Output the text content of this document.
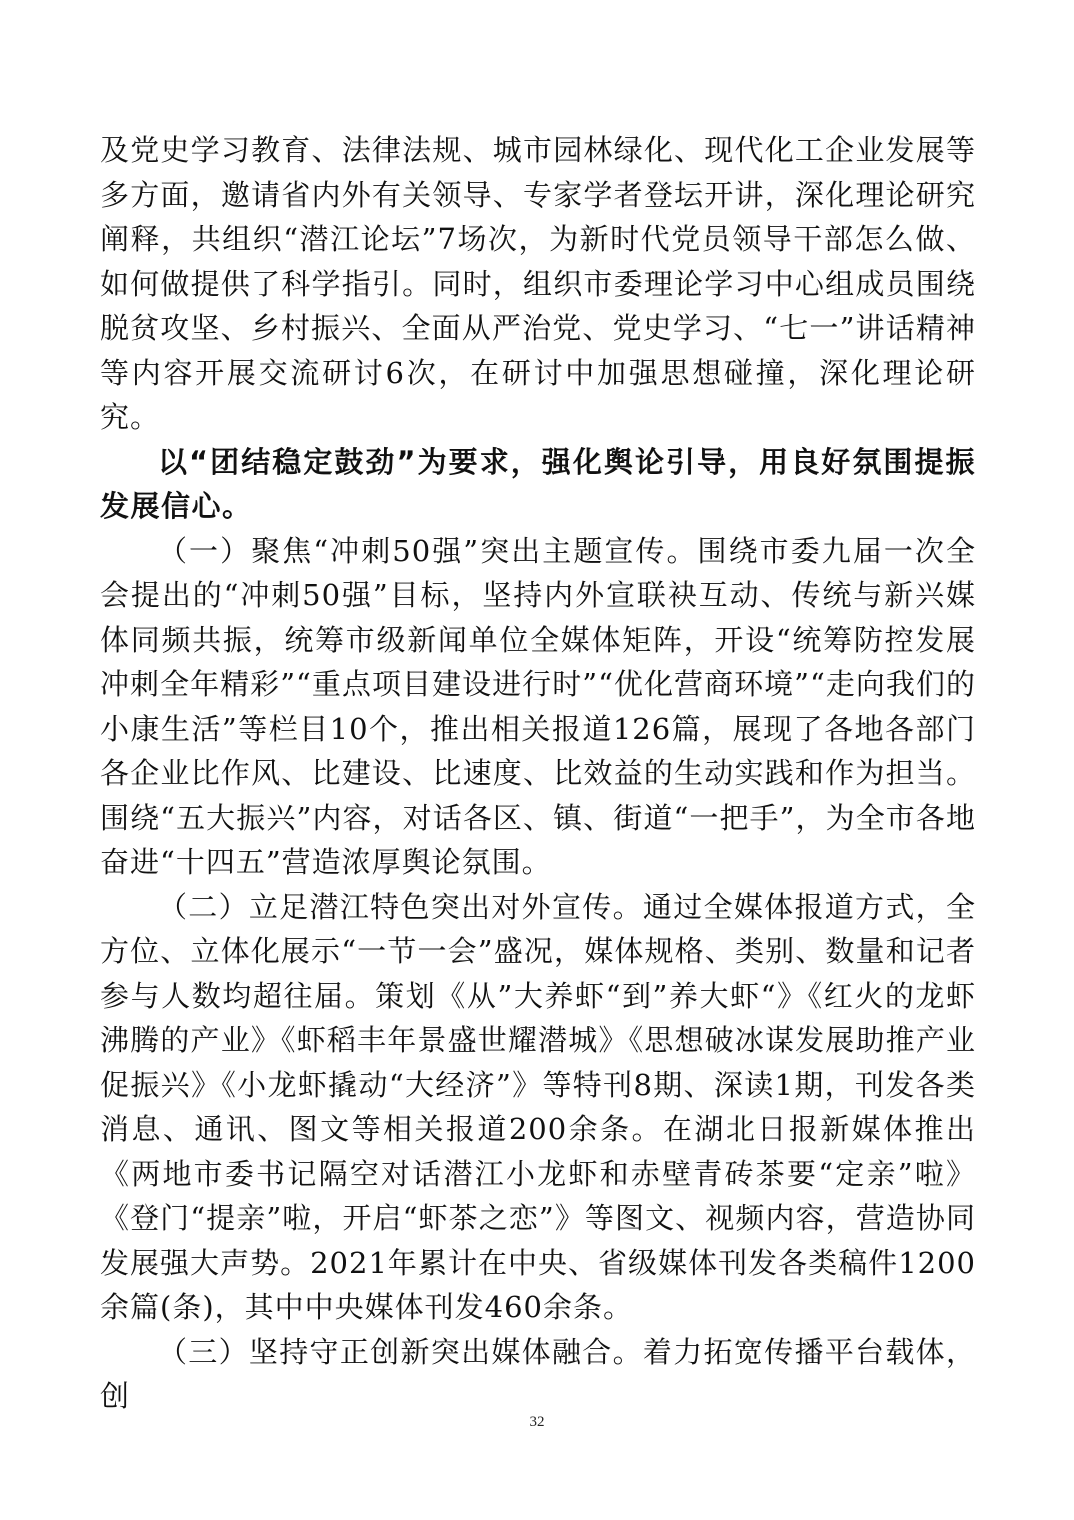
及党史学习教育、法律法规、城市园林绿化、现代化工企业发展等多方面，邀请省内外有关领导、专家学者登坛开讲，深化理论研究阐释，共组织“潜江论坛”7场次，为新时代党员领导干部怎么做、如何做提供了科学指引。同时，组织市委理论学习中心组成员围绕脱贫攻坚、乡村振兴、全面从严治党、党史学习、“七一”讲话精神等内容开展交流研讨6次，在研讨中加强思想碰撞，深化理论研究。

以“团结稳定鼓劲”为要求，强化舆论引导，用良好氛围提振发展信心。

（一）聚焦“冲刺50强”突出主题宣传。围绕市委九届一次全会提出的“冲刺50强”目标，坚持内外宣联袂互动、传统与新兴媒体同频共振，统筹市级新闻单位全媒体矩阵，开设“统筹防控发展冲刺全年精彩”“重点项目建设进行时”“优化营商环境”“走向我们的小康生活”等栏目10个，推出相关报道126篇，展现了各地各部门各企业比作风、比建设、比速度、比效益的生动实践和作为担当。围绕“五大振兴”内容，对话各区、镇、街道“一把手”，为全市各地奋进“十四五”营造浓厚舆论氛围。

（二）立足潜江特色突出对外宣传。通过全媒体报道方式，全方位、立体化展示“一节一会”盛况，媒体规格、类别、数量和记者参与人数均超往届。策划《从”大养虾“到”养大虾“》《红火的龙虾沸腾的产业》《虾稻丰年景盛世耀潜城》《思想破冰谋发展助推产业促振兴》《小龙虾撬动“大经济”》等特刊8期、深读1期，刊发各类消息、通讯、图文等相关报道200余条。在湖北日报新媒体推出《两地市委书记隔空对话潜江小龙虾和赤壁青砖茶要“定亲”啦》《登门“提亲”啦，开启“虾茶之恋”》等图文、视频内容，营造协同发展强大声势。2021年累计在中央、省级媒体刊发各类稿件1200余篇(条)，其中中央媒体刊发460余条。

（三）坚持守正创新突出媒体融合。着力拓宽传播平台载体，创

32
